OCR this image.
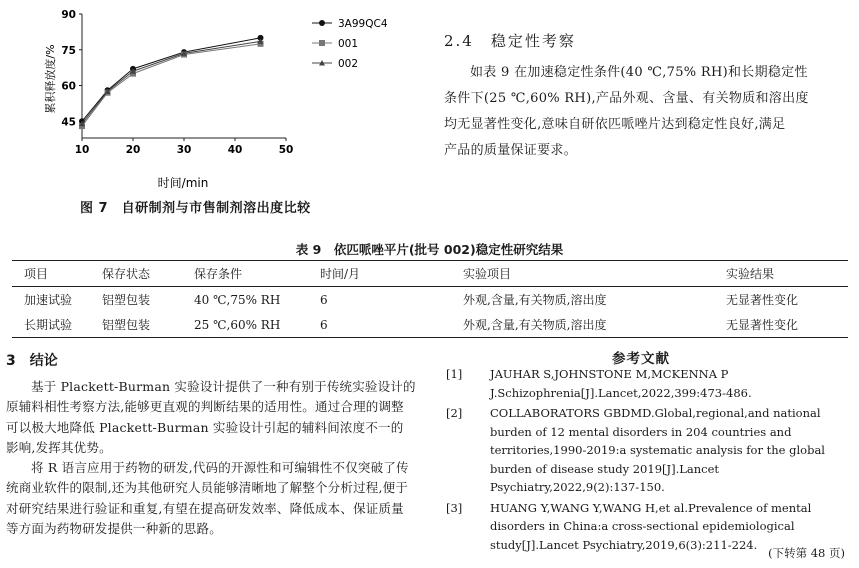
10	20	30	40	50
45
60
75
90
3A99QC4
001
002
时间/min
累积释放度/%
图 7　自研制剂与市售制剂溶出度比较
2.4　稳定性考察
如表 9 在加速稳定性条件(40 ℃,75% RH)和长期稳定性
条件下(25 ℃,60% RH),产品外观、含量、有关物质和溶出度
均无显著性变化,意味自研依匹哌唑片达到稳定性良好,满足
产品的质量保证要求。
表 9　依匹哌唑平片(批号 002)稳定性研究结果
项目	保存状态	保存条件	时间/月	实验项目	实验结果
加速试验	铝塑包装	40 ℃,75% RH	6	外观,含量,有关物质,溶出度	无显著性变化
长期试验	铝塑包装	25 ℃,60% RH	6	外观,含量,有关物质,溶出度	无显著性变化
3　结论

基于 Plackett-Burman 实验设计提供了一种有别于传统实验设计的原辅料相性考察方法,能够更直观的判断结果的适用性。通过合理的调整可以极大地降低 Plackett-Burman 实验设计引起的辅料间浓度不一的影响,发挥其优势。

将 R 语言应用于药物的研发,代码的开源性和可编辑性不仅突破了传统商业软件的限制,还为其他研究人员能够清晰地了解整个分析过程,便于对研究结果进行验证和重复,有望在提高研发效率、降低成本、保证质量等方面为药物研发提供一种新的思路。

参考文献
[1] JAUHAR S,JOHNSTONE M,MCKENNA P J.Schizophrenia[J].Lancet,2022,399:473-486.
[2] COLLABORATORS GBDMD.Global,regional,and national burden of 12 mental disorders in 204 countries and territories,1990-2019:a systematic analysis for the global burden of disease study 2019[J].Lancet Psychiatry,2022,9(2):137-150.
[3] HUANG Y,WANG Y,WANG H,et al.Prevalence of mental disorders in China:a cross-sectional epidemiological study[J].Lancet Psychiatry,2019,6(3):211-224.
(下转第 48 页)
